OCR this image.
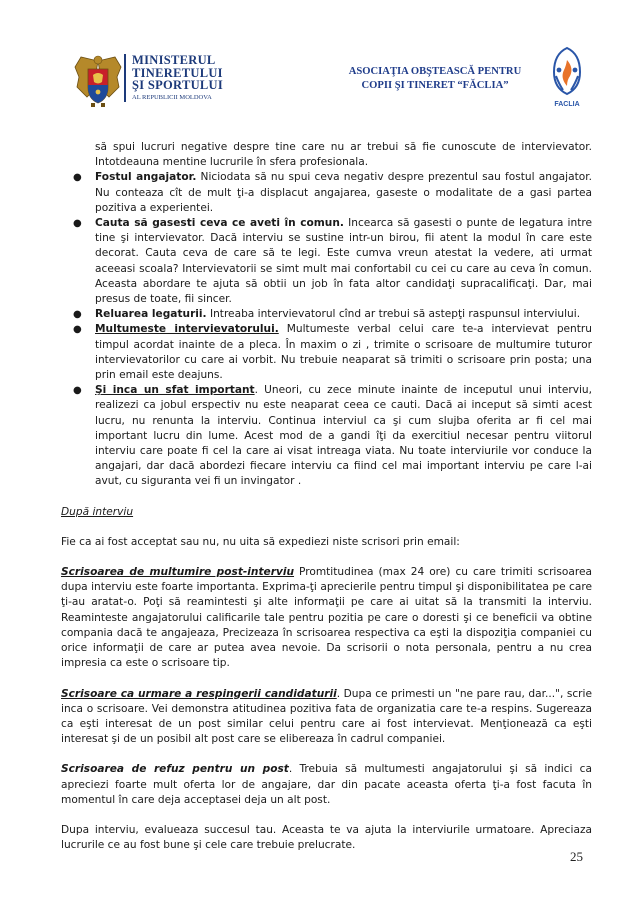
MINISTERUL
TINERETULUI
ŞI SPORTULUI
AL REPUBLICII MOLDOVA
ASOCIAŢIA OBŞTEASCĂ PENTRU
COPII ŞI TINERET “FĂCLIA”
FACLIA

să spui lucruri negative despre tine care nu ar trebui să fie cunoscute de intervievator. Intotdeauna mentine lucrurile în sfera profesionala.

● Fostul angajator. Niciodata să nu spui ceva negativ despre prezentul sau fostul angajator. Nu conteaza cît de mult ţi-a displacut angajarea, gaseste o modalitate de a gasi partea pozitiva a experientei.
● Cauta să gasesti ceva ce aveti în comun. Incearca să gasesti o punte de legatura intre tine şi intervievator. Dacă interviu se sustine intr-un birou, fii atent la modul în care este decorat. Cauta ceva de care să te legi. Este cumva vreun atestat la vedere, ati urmat aceeasi scoala? Intervievatorii se simt mult mai confortabil cu cei cu care au ceva în comun. Aceasta abordare te ajuta să obtii un job în fata altor candidaţi supracalificaţi. Dar, mai presus de toate, fii sincer.
● Reluarea legaturii. Intreaba intervievatorul cînd ar trebui să astepţi raspunsul interviului.
● Multumeste intervievatorului. Multumeste verbal celui care te-a intervievat pentru timpul acordat inainte de a pleca. În maxim o zi , trimite o scrisoare de multumire tuturor intervievatorilor cu care ai vorbit. Nu trebuie neaparat să trimiti o scrisoare prin posta; una prin email este deajuns.
● Şi inca un sfat important. Uneori, cu zece minute inainte de inceputul unui interviu, realizezi ca jobul erspectiv nu este neaparat ceea ce cauti. Dacă ai inceput să simti acest lucru, nu renunta la interviu. Continua interviul ca şi cum slujba oferita ar fi cel mai important lucru din lume. Acest mod de a gandi îţi da exercitiul necesar pentru viitorul interviu care poate fi cel la care ai visat intreaga viata. Nu toate interviurile vor conduce la angajari, dar dacă abordezi fiecare interviu ca fiind cel mai important interviu pe care l-ai avut, cu siguranta vei fi un invingator .

După interviu

Fie ca ai fost acceptat sau nu, nu uita să expediezi niste scrisori prin email:

Scrisoarea de multumire post-interviu Promtitudinea (max 24 ore) cu care trimiti scrisoarea dupa interviu este foarte importanta. Exprima-ţi aprecierile pentru timpul şi disponibilitatea pe care ţi-au aratat-o. Poţi să reamintesti şi alte informaţii pe care ai uitat să la transmiti la interviu. Reaminteste angajatorului calificarile tale pentru pozitia pe care o doresti şi ce beneficii va obtine compania dacă te angajeaza, Precizeaza în scrisoarea respectiva ca eşti la dispoziţia companiei cu orice informaţii de care ar putea avea nevoie. Da scrisorii o nota personala, pentru a nu crea impresia ca este o scrisoare tip.

Scrisoare ca urmare a respingerii candidaturii. Dupa ce primesti un "ne pare rau, dar...", scrie inca o scrisoare. Vei demonstra atitudinea pozitiva fata de organizatia care te-a respins. Sugereaza ca eşti interesat de un post similar celui pentru care ai fost intervievat. Menţionează ca eşti interesat şi de un posibil alt post care se elibereaza în cadrul companiei.

Scrisoarea de refuz pentru un post. Trebuia să multumesti angajatorului şi să indici ca apreciezi foarte mult oferta lor de angajare, dar din pacate aceasta oferta ţi-a fost facuta în momentul în care deja acceptasei deja un alt post.

Dupa interviu, evalueaza succesul tau. Aceasta te va ajuta la interviurile urmatoare. Apreciaza lucrurile ce au fost bune şi cele care trebuie prelucrate.

25
